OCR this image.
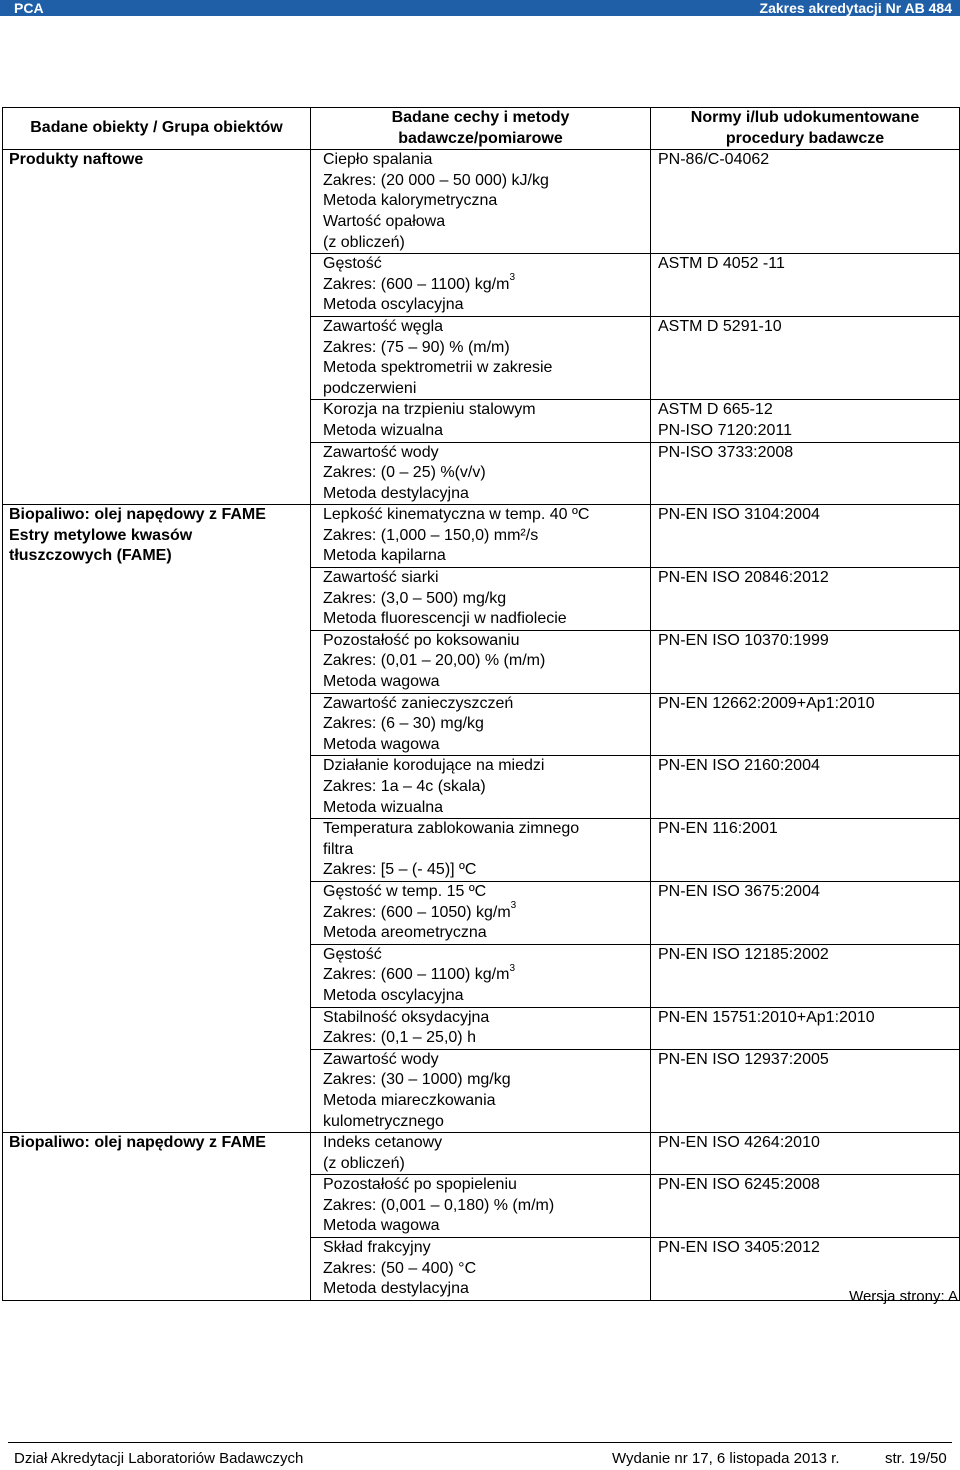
PCA	Zakres akredytacji Nr AB 484
Badane obiekty / Grupa obiektów	Badane cechy i metody badawcze/pomiarowe	Normy i/lub udokumentowane procedury badawcze

Produkty naftowe	Ciepło spalania
Zakres: (20 000 – 50 000) kJ/kg
Metoda kalorymetryczna
Wartość opałowa
(z obliczeń)	PN-86/C-04062

	Gęstość
Zakres: (600 – 1100) $kg/m^3$
Metoda oscylacyjna	ASTM D 4052 -11

	Zawartość węgla
Zakres: (75 – 90) % (m/m)
Metoda spektrometrii w zakresie
podczerwieni	ASTM D 5291-10

	Korozja na trzpieniu stalowym
Metoda wizualna	ASTM D 665-12
PN-ISO 7120:2011

	Zawartość wody
Zakres: (0 – 25) %(v/v)
Metoda destylacyjna	PN-ISO 3733:2008

Biopaliwo: olej napędowy z FAME
Estry metylowe kwasów
tłuszczowych (FAME)	Lepkość kinematyczna w temp. 40 ºC
Zakres: (1,000 – 150,0) mm²/s
Metoda kapilarna	PN-EN ISO 3104:2004

	Zawartość siarki
Zakres: (3,0 – 500) mg/kg
Metoda fluorescencji w nadfiolecie	PN-EN ISO 20846:2012

	Pozostałość po koksowaniu
Zakres: (0,01 – 20,00) % (m/m)
Metoda wagowa	PN-EN ISO 10370:1999

	Zawartość zanieczyszczeń
Zakres: (6 – 30) mg/kg
Metoda wagowa	PN-EN 12662:2009+Ap1:2010

	Działanie korodujące na miedzi
Zakres: 1a – 4c (skala)
Metoda wizualna	PN-EN ISO 2160:2004

	Temperatura zablokowania zimnego
filtra
Zakres: [5 – (- 45)] ºC	PN-EN 116:2001

	Gęstość w temp. 15 ºC
Zakres: (600 – 1050) $kg/m^3$
Metoda areometryczna	PN-EN ISO 3675:2004

	Gęstość
Zakres: (600 – 1100) $kg/m^3$
Metoda oscylacyjna	PN-EN ISO 12185:2002

	Stabilność oksydacyjna
Zakres: (0,1 – 25,0) h	PN-EN 15751:2010+Ap1:2010

	Zawartość wody
Zakres: (30 – 1000) mg/kg
Metoda miareczkowania
kulometrycznego	PN-EN ISO 12937:2005

Biopaliwo: olej napędowy z FAME	Indeks cetanowy
(z obliczeń)	PN-EN ISO 4264:2010

	Pozostałość po spopieleniu
Zakres: (0,001 – 0,180) % (m/m)
Metoda wagowa	PN-EN ISO 6245:2008

	Skład frakcyjny
Zakres: (50 – 400) °C
Metoda destylacyjna	PN-EN ISO 3405:2012
Wersja strony: A
Dział Akredytacji Laboratoriów Badawczych	Wydanie nr 17, 6 listopada 2013 r.	str. 19/50
